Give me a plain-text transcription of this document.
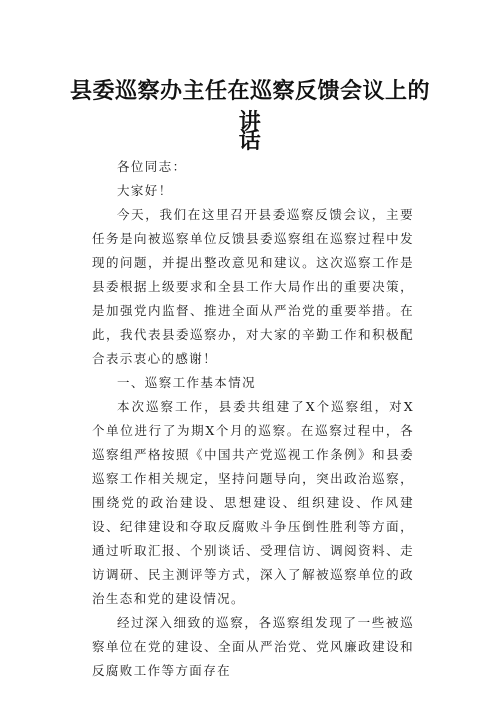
县委巡察办主任在巡察反馈会议上的讲
话

各位同志：

大家好！

今天，我们在这里召开县委巡察反馈会议，主要任务是向被巡察单位反馈县委巡察组在巡察过程中发现的问题，并提出整改意见和建议。这次巡察工作是县委根据上级要求和全县工作大局作出的重要决策，是加强党内监督、推进全面从严治党的重要举措。在此，我代表县委巡察办，对大家的辛勤工作和积极配合表示衷心的感谢！

一、巡察工作基本情况

本次巡察工作，县委共组建了X个巡察组，对X个单位进行了为期X个月的巡察。在巡察过程中，各巡察组严格按照《中国共产党巡视工作条例》和县委巡察工作相关规定，坚持问题导向，突出政治巡察，围绕党的政治建设、思想建设、组织建设、作风建设、纪律建设和夺取反腐败斗争压倒性胜利等方面，通过听取汇报、个别谈话、受理信访、调阅资料、走访调研、民主测评等方式，深入了解被巡察单位的政治生态和党的建设情况。

经过深入细致的巡察，各巡察组发现了一些被巡察单位在党的建设、全面从严治党、党风廉政建设和反腐败工作等方面存在
